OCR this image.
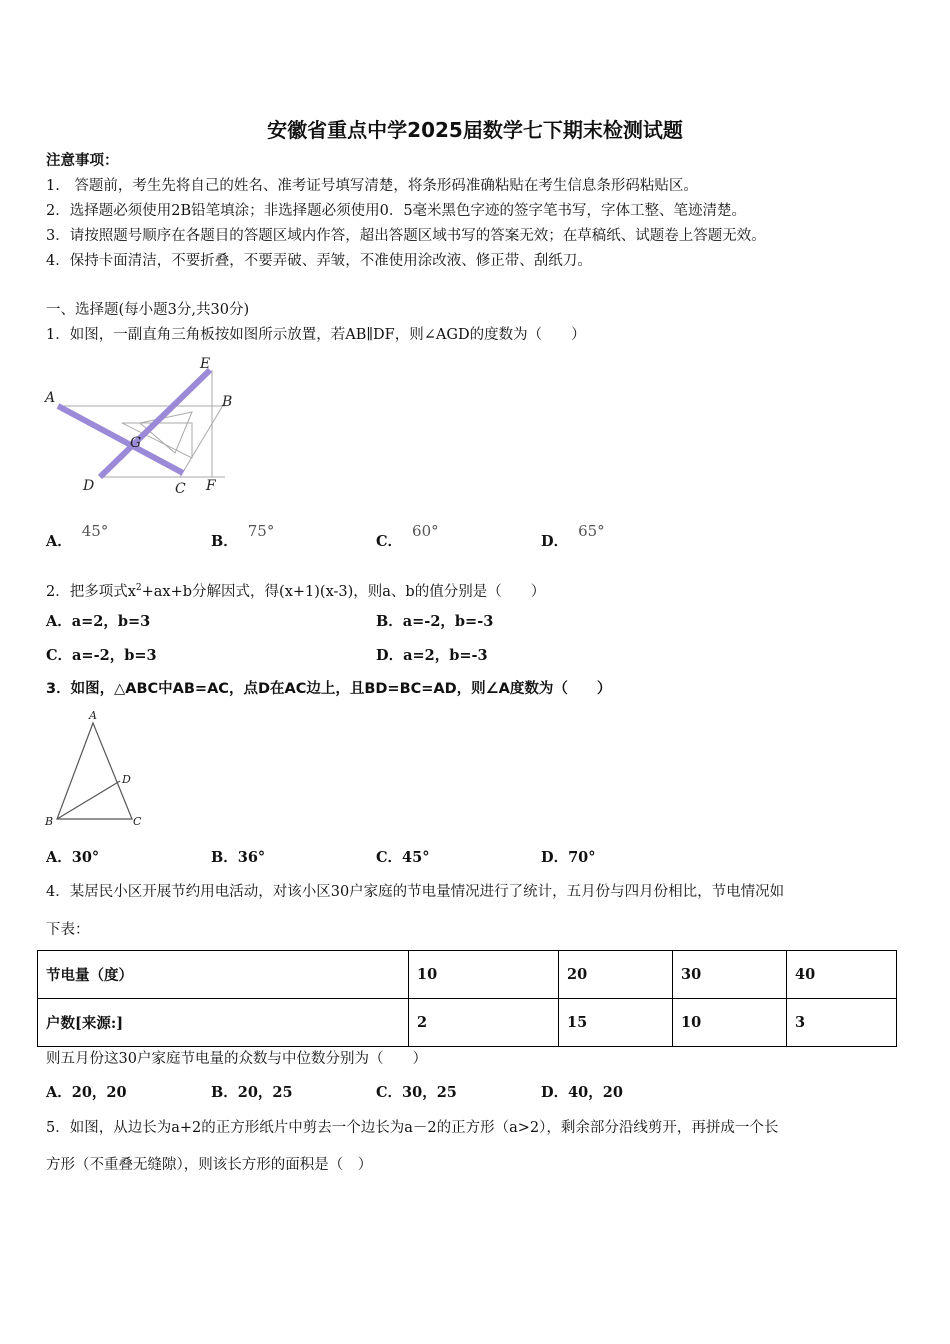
安徽省重点中学2025届数学七下期末检测试题
注意事项：
1.　答题前，考生先将自己的姓名、准考证号填写清楚，将条形码准确粘贴在考生信息条形码粘贴区。
2．选择题必须使用2B铅笔填涂；非选择题必须使用0．5毫米黑色字迹的签字笔书写，字体工整、笔迹清楚。
3．请按照题号顺序在各题目的答题区域内作答，超出答题区域书写的答案无效；在草稿纸、试题卷上答题无效。
4．保持卡面清洁，不要折叠，不要弄破、弄皱，不准使用涂改液、修正带、刮纸刀。
一、选择题(每小题3分,共30分)
1．如图，一副直角三角板按如图所示放置，若AB∥DF，则∠AGD的度数为（　　）
A	B
E
G
D	C F
A．45°
B．75°
C．60°
D．65°
2．把多项式$x^2+ax+b$分解因式，得(x+1)(x-3)，则a、b的值分别是（　　）
A．a=2，b=3	B．a=-2，b=-3
C．a=-2，b=3	D．a=2，b=-3
3．如图，△ABC中AB=AC，点D在AC边上，且BD=BC=AD，则∠A度数为（　　）
A
D
B	C
A．30°	B．36°	C．45°	D．70°
4．某居民小区开展节约用电活动，对该小区30户家庭的节电量情况进行了统计，五月份与四月份相比，节电情况如
下表：
节电量（度）	10	20	30	40
户数[来源:]	2	15	10	3
则五月份这30户家庭节电量的众数与中位数分别为（　　）
A．20，20	B．20，25	C．30，25	D．40，20
5．如图，从边长为a+2的正方形纸片中剪去一个边长为a－2的正方形（a>2），剩余部分沿线剪开，再拼成一个长
方形（不重叠无缝隙），则该长方形的面积是（　）
